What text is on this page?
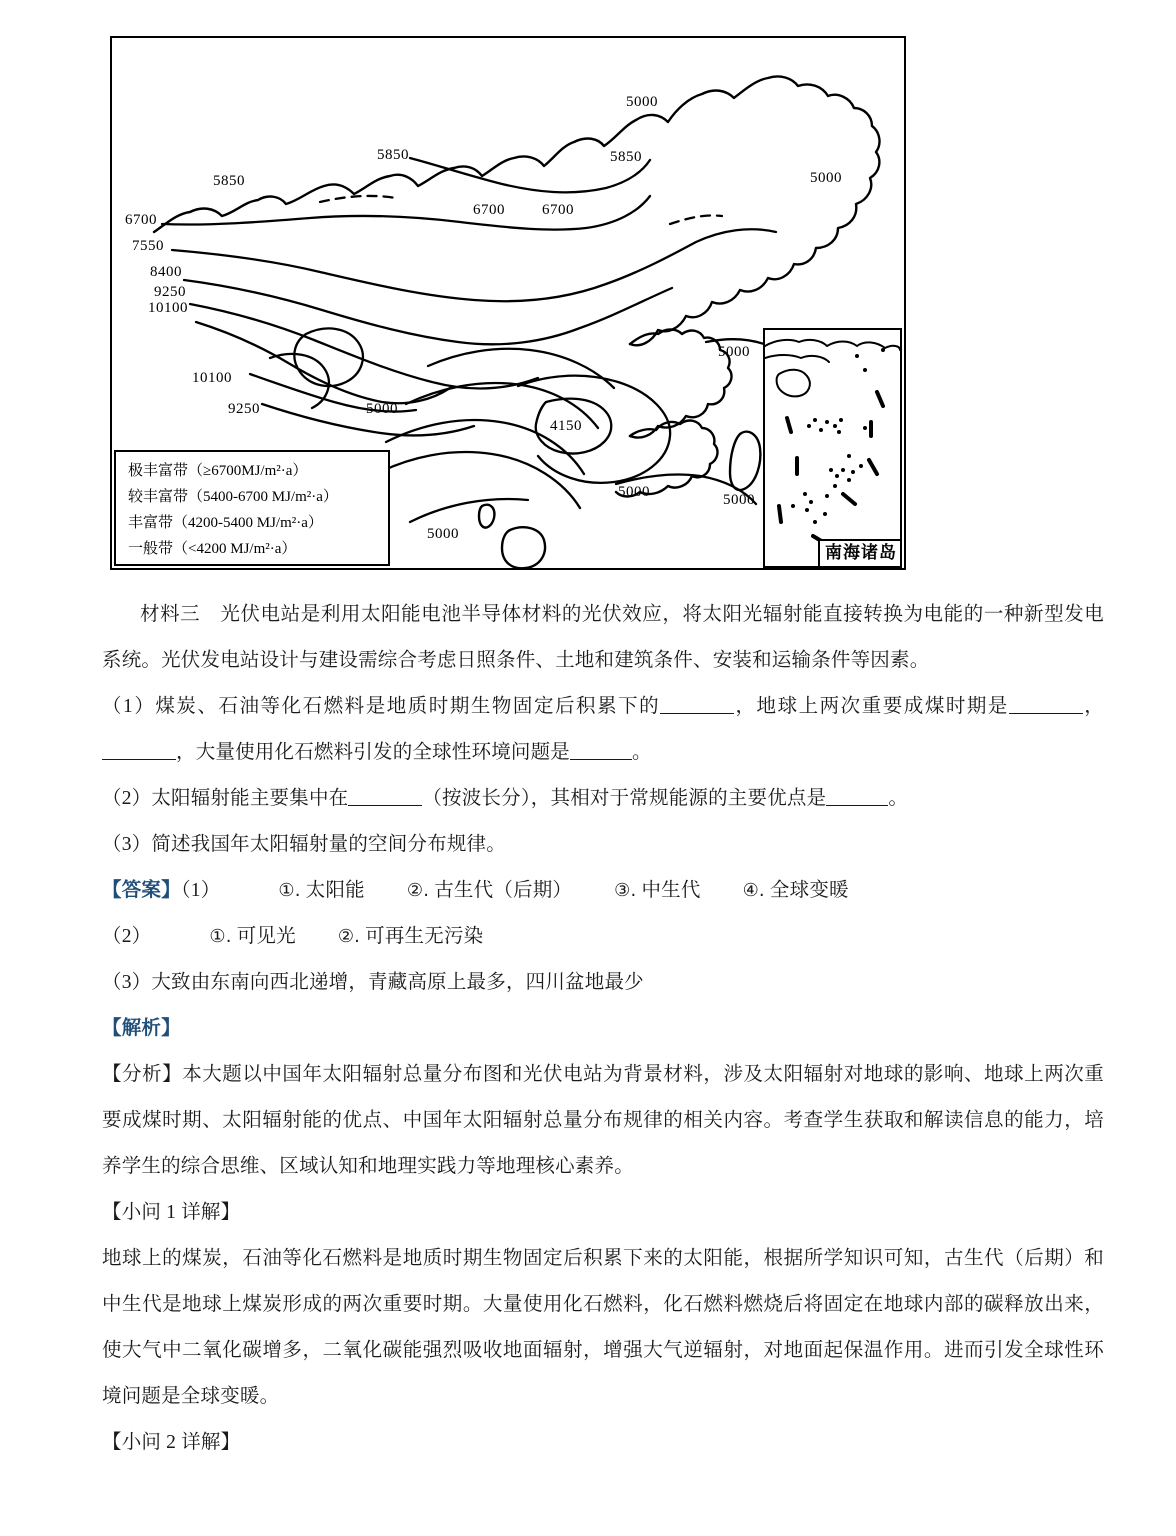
5000
5850	5850
5000
5850
6700 6700
6700
7550
8400
9250
10100
5000
10100
5000
9250
4150
5000	5000
5000
极丰富带（≥6700MJ/m²·a）
较丰富带（5400-6700 MJ/m²·a）
丰富带（4200-5400 MJ/m²·a）
一般带（<4200 MJ/m²·a）	南海诸岛

材料三　光伏电站是利用太阳能电池半导体材料的光伏效应，将太阳光辐射能直接转换为电能的一种新型发电系统。光伏发电站设计与建设需综合考虑日照条件、土地和建筑条件、安装和运输条件等因素。

（1）煤炭、石油等化石燃料是地质时期生物固定后积累下的	，地球上两次重要成煤时期是	，，大量使用化石燃料引发的全球性环境问题是	。

（2）太阳辐射能主要集中在	（按波长分），其相对于常规能源的主要优点是	。

（3）简述我国年太阳辐射量的空间分布规律。

【答案】（1）	①. 太阳能 ②. 古生代（后期） ③. 中生代 ④. 全球变暖

（2）	①. 可见光 ②. 可再生无污染

（3）大致由东南向西北递增，青藏高原上最多，四川盆地最少

【解析】

【分析】本大题以中国年太阳辐射总量分布图和光伏电站为背景材料，涉及太阳辐射对地球的影响、地球上两次重要成煤时期、太阳辐射能的优点、中国年太阳辐射总量分布规律的相关内容。考查学生获取和解读信息的能力，培养学生的综合思维、区域认知和地理实践力等地理核心素养。

【小问 1 详解】

地球上的煤炭，石油等化石燃料是地质时期生物固定后积累下来的太阳能，根据所学知识可知，古生代（后期）和中生代是地球上煤炭形成的两次重要时期。大量使用化石燃料，化石燃料燃烧后将固定在地球内部的碳释放出来，使大气中二氧化碳增多，二氧化碳能强烈吸收地面辐射，增强大气逆辐射，对地面起保温作用。进而引发全球性环境问题是全球变暖。

【小问 2 详解】
